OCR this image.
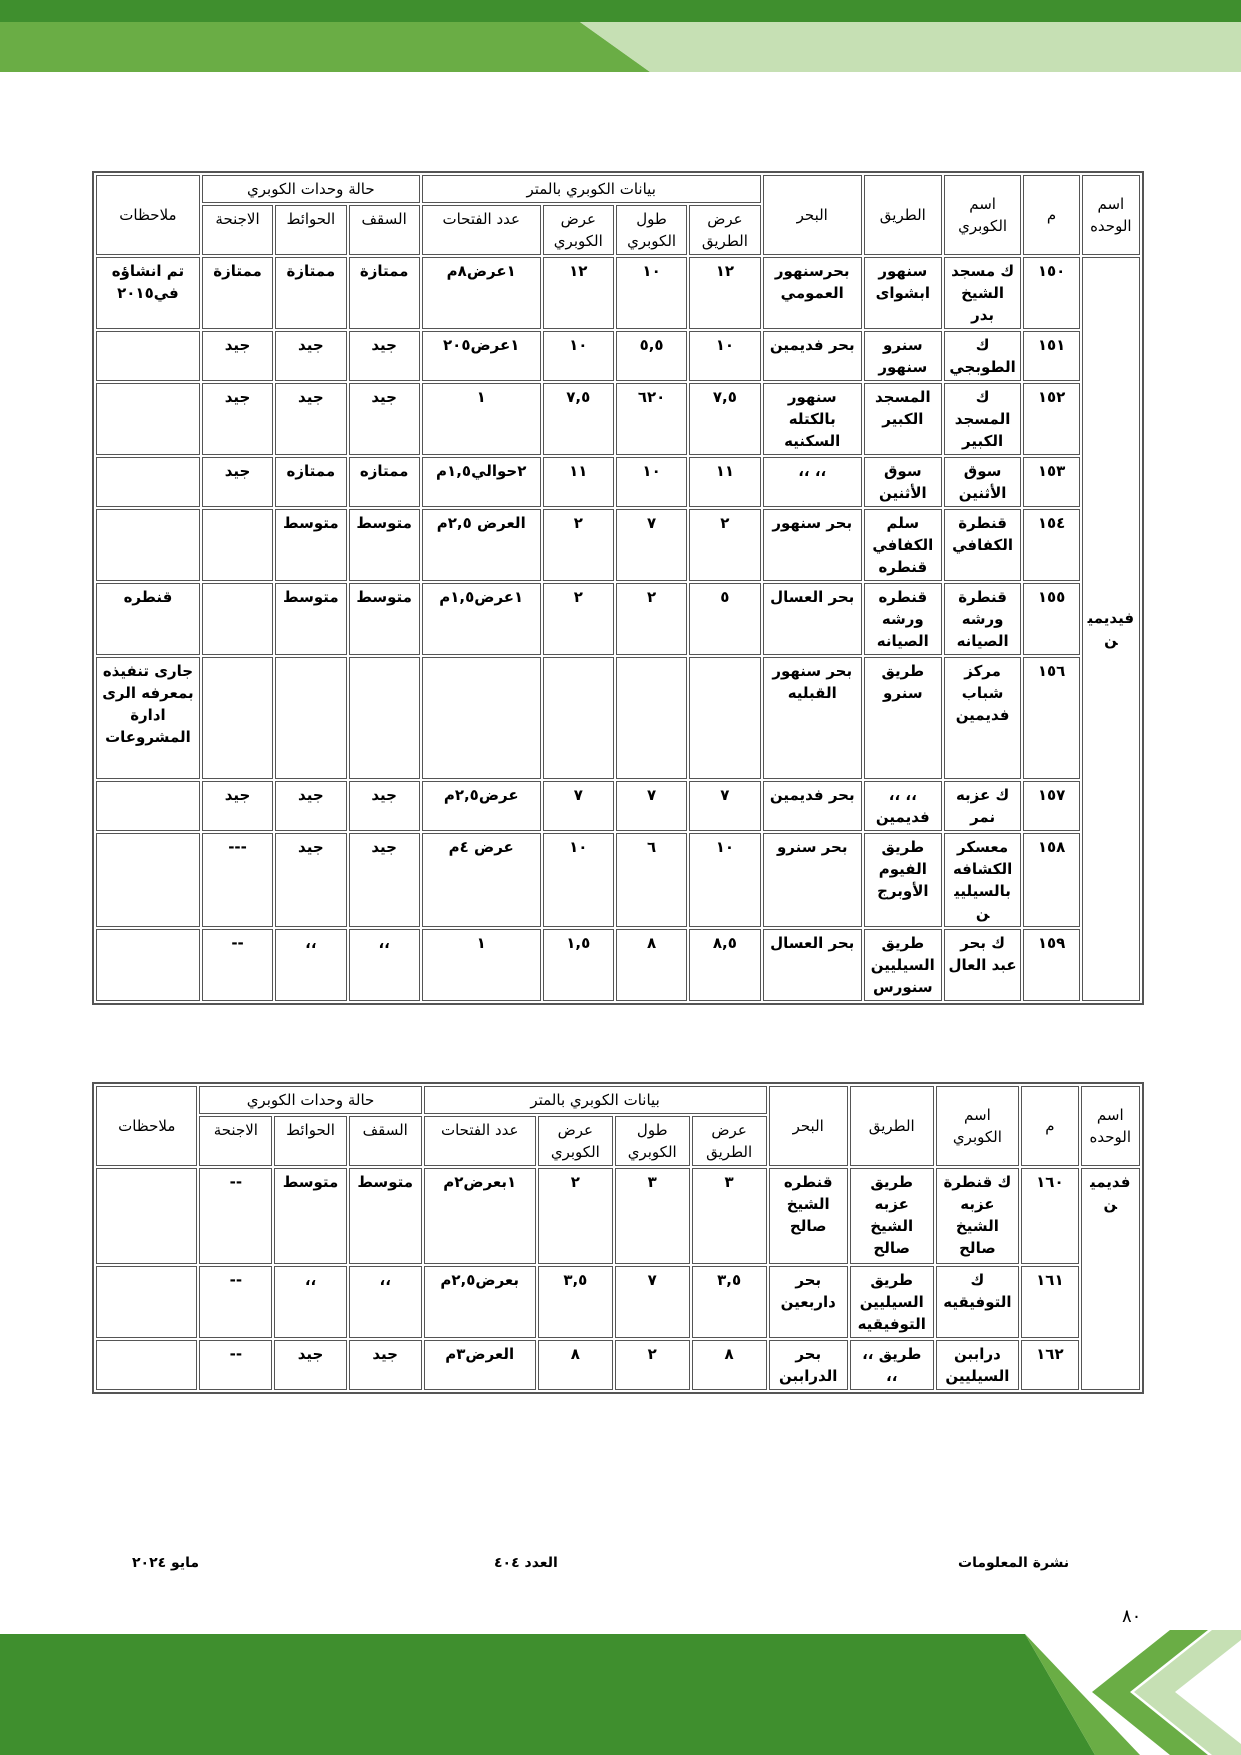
اسم الوحده	م	اسم الكوبري	الطريق	البحر	بيانات الكوبري بالمتر				حالة وحدات الكوبري			ملاحظات
					عرض الطريق	طول الكوبري	عرض الكوبري	عدد الفتحات	السقف	الحوائط	الاجنحة	
فيديمين	١٥٠	ك مسجد الشيخ بدر	سنهور ابشواى	بحرسنهور العمومي	١٢	١٠	١٢	١عرض٨م	ممتازة	ممتازة	ممتازة	تم انشاؤه في٢٠١٥
	١٥١	ك الطوبجي	سنرو سنهور	بحر فديمين	١٠	٥,٥	١٠	١عرض٢٠٥	جيد	جيد	جيد	
	١٥٢	ك المسجد الكبير	المسجد الكبير	سنهور بالكتله السكنيه	٧,٥	٦٢٠	٧,٥	١	جيد	جيد	جيد	
	١٥٣	سوق الأثنين	سوق الأثنين	،، ،،	١١	١٠	١١	٢حوالي١,٥م	ممتازه	ممتازه	جيد	
	١٥٤	قنطرة الكفافي	سلم الكفافي قنطره	بحر سنهور	٢	٧	٢	العرض ٢,٥م	متوسط	متوسط		
	١٥٥	قنطرة ورشه الصيانه	قنطره ورشه الصيانه	بحر العسال	٥	٢	٢	١عرض١,٥م	متوسط	متوسط		قنطره
	١٥٦	مركز شباب فديمين	طريق سنرو	بحر سنهور القبليه								جارى تنفيذه بمعرفه الرى ادارة المشروعات
	١٥٧	ك عزبه نمر	،، ،، فديمين	بحر فديمين	٧	٧	٧	عرض٢,٥م	جيد	جيد	جيد	
	١٥٨	معسكر الكشافه بالسيليين	طريق الفيوم الأوبرج	بحر سنرو	١٠	٦	١٠	عرض ٤م	جيد	جيد	---	
	١٥٩	ك بحر عبد العال	طريق السيليين سنورس	بحر العسال	٨,٥	٨	١,٥	١	،،	،،	--	
اسم الوحده	م	اسم الكوبري	الطريق	البحر	بيانات الكوبري بالمتر				حالة وحدات الكوبري			ملاحظات
					عرض الطريق	طول الكوبري	عرض الكوبري	عدد الفتحات	السقف	الحوائط	الاجنحة	
فديمين	١٦٠	ك قنطرة عزبه الشيخ صالح	طريق عزبه الشيخ صالح	قنطره الشيخ صالح	٣	٣	٢	١بعرض٢م	متوسط	متوسط	--	
	١٦١	ك التوفيقيه	طريق السيليين التوفيقيه	بحر داربعين	٣,٥	٧	٣,٥	بعرض٢,٥م	،،	،،	--	
	١٦٢	دراببن السيليين	طريق ،، ،،	بحر الدراببن	٨	٢	٨	العرض٣م	جيد	جيد	--	
نشرة المعلومات
العدد ٤٠٤
مايو ٢٠٢٤
٨٠
